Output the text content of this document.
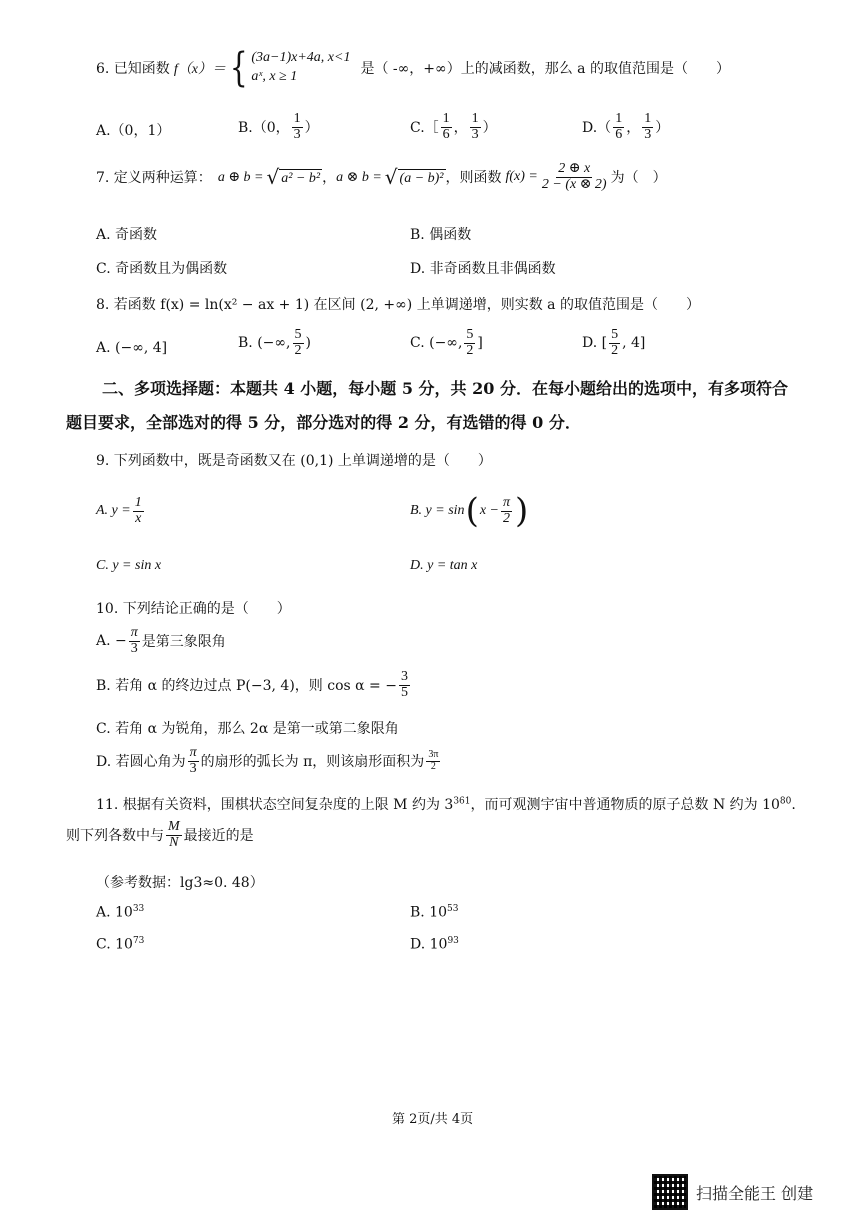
6. 已知函数 f（x）＝ { (3a−1)x+4a, x<1
aˣ, x ≥ 1	是（ -∞，+∞）上的减函数，那么 a 的取值范围是（　　）
A.（0，1）	B.（0， $\frac{1}{3}$ ）	C.［ $\frac{1}{6}$ ， $\frac{1}{3}$ ）	$D.( \frac{1}{6}$ ， $\frac{1}{3}$ ）
7. 定义两种运算： a ⊕ b = √ a² − b² ， a ⊗ b = √ (a − b)² ，则函数 $f(x) = \frac{2 \oplus x}{2 - (x \otimes 2)}$ 为（　）
A. 奇函数	B. 偶函数
C. 奇函数且为偶函数	D. 非奇函数且非偶函数
8. 若函数 f(x) = ln(x² − ax + 1) 在区间 (2, +∞) 上单调递增，则实数 a 的取值范围是（　　）
A. (−∞, 4]	B. (−∞, $\frac{5}{2}$ )	C. (−∞, $\frac{5}{2}$ ]	D. [ $\frac{5}{2}$ , 4]
二、多项选择题：本题共 4 小题，每小题 5 分，共 20 分．在每小题给出的选项中，有多项符合
题目要求，全部选对的得 5 分，部分选对的得 2 分，有选错的得 0 分．
9. 下列函数中，既是奇函数又在 (0,1) 上单调递增的是（　　）
A. $y = \frac{1}{x}$	B. y = sin ( $x - \frac{\pi}{2}$ )
C. y = sin x	D. y = tan x
10. 下列结论正确的是（　　）
A. − $\frac{\pi}{3}$ 是第三象限角
B. 若角 α 的终边过点 P(−3, 4)，则 cos α = − $\frac{3}{5}$
C. 若角 α 为锐角，那么 2α 是第一或第二象限角
D. 若圆心角为 $\frac{\pi}{3}$ 的扇形的弧长为 π，则该扇形面积为 $\frac{3\pi}{2}$
11. 根据有关资料，围棋状态空间复杂度的上限 M 约为 $3^{361}$，而可观测宇宙中普通物质的原子总数 N 约为 $10^{80}$.
则下列各数中与 $\frac{M}{N}$ 最接近的是
（参考数据：lg3≈0. 48）
A. $10^{33}$	B. $10^{53}$
C. $10^{73}$	D. $10^{93}$
第 2页/共 4页
扫描全能王 创建
